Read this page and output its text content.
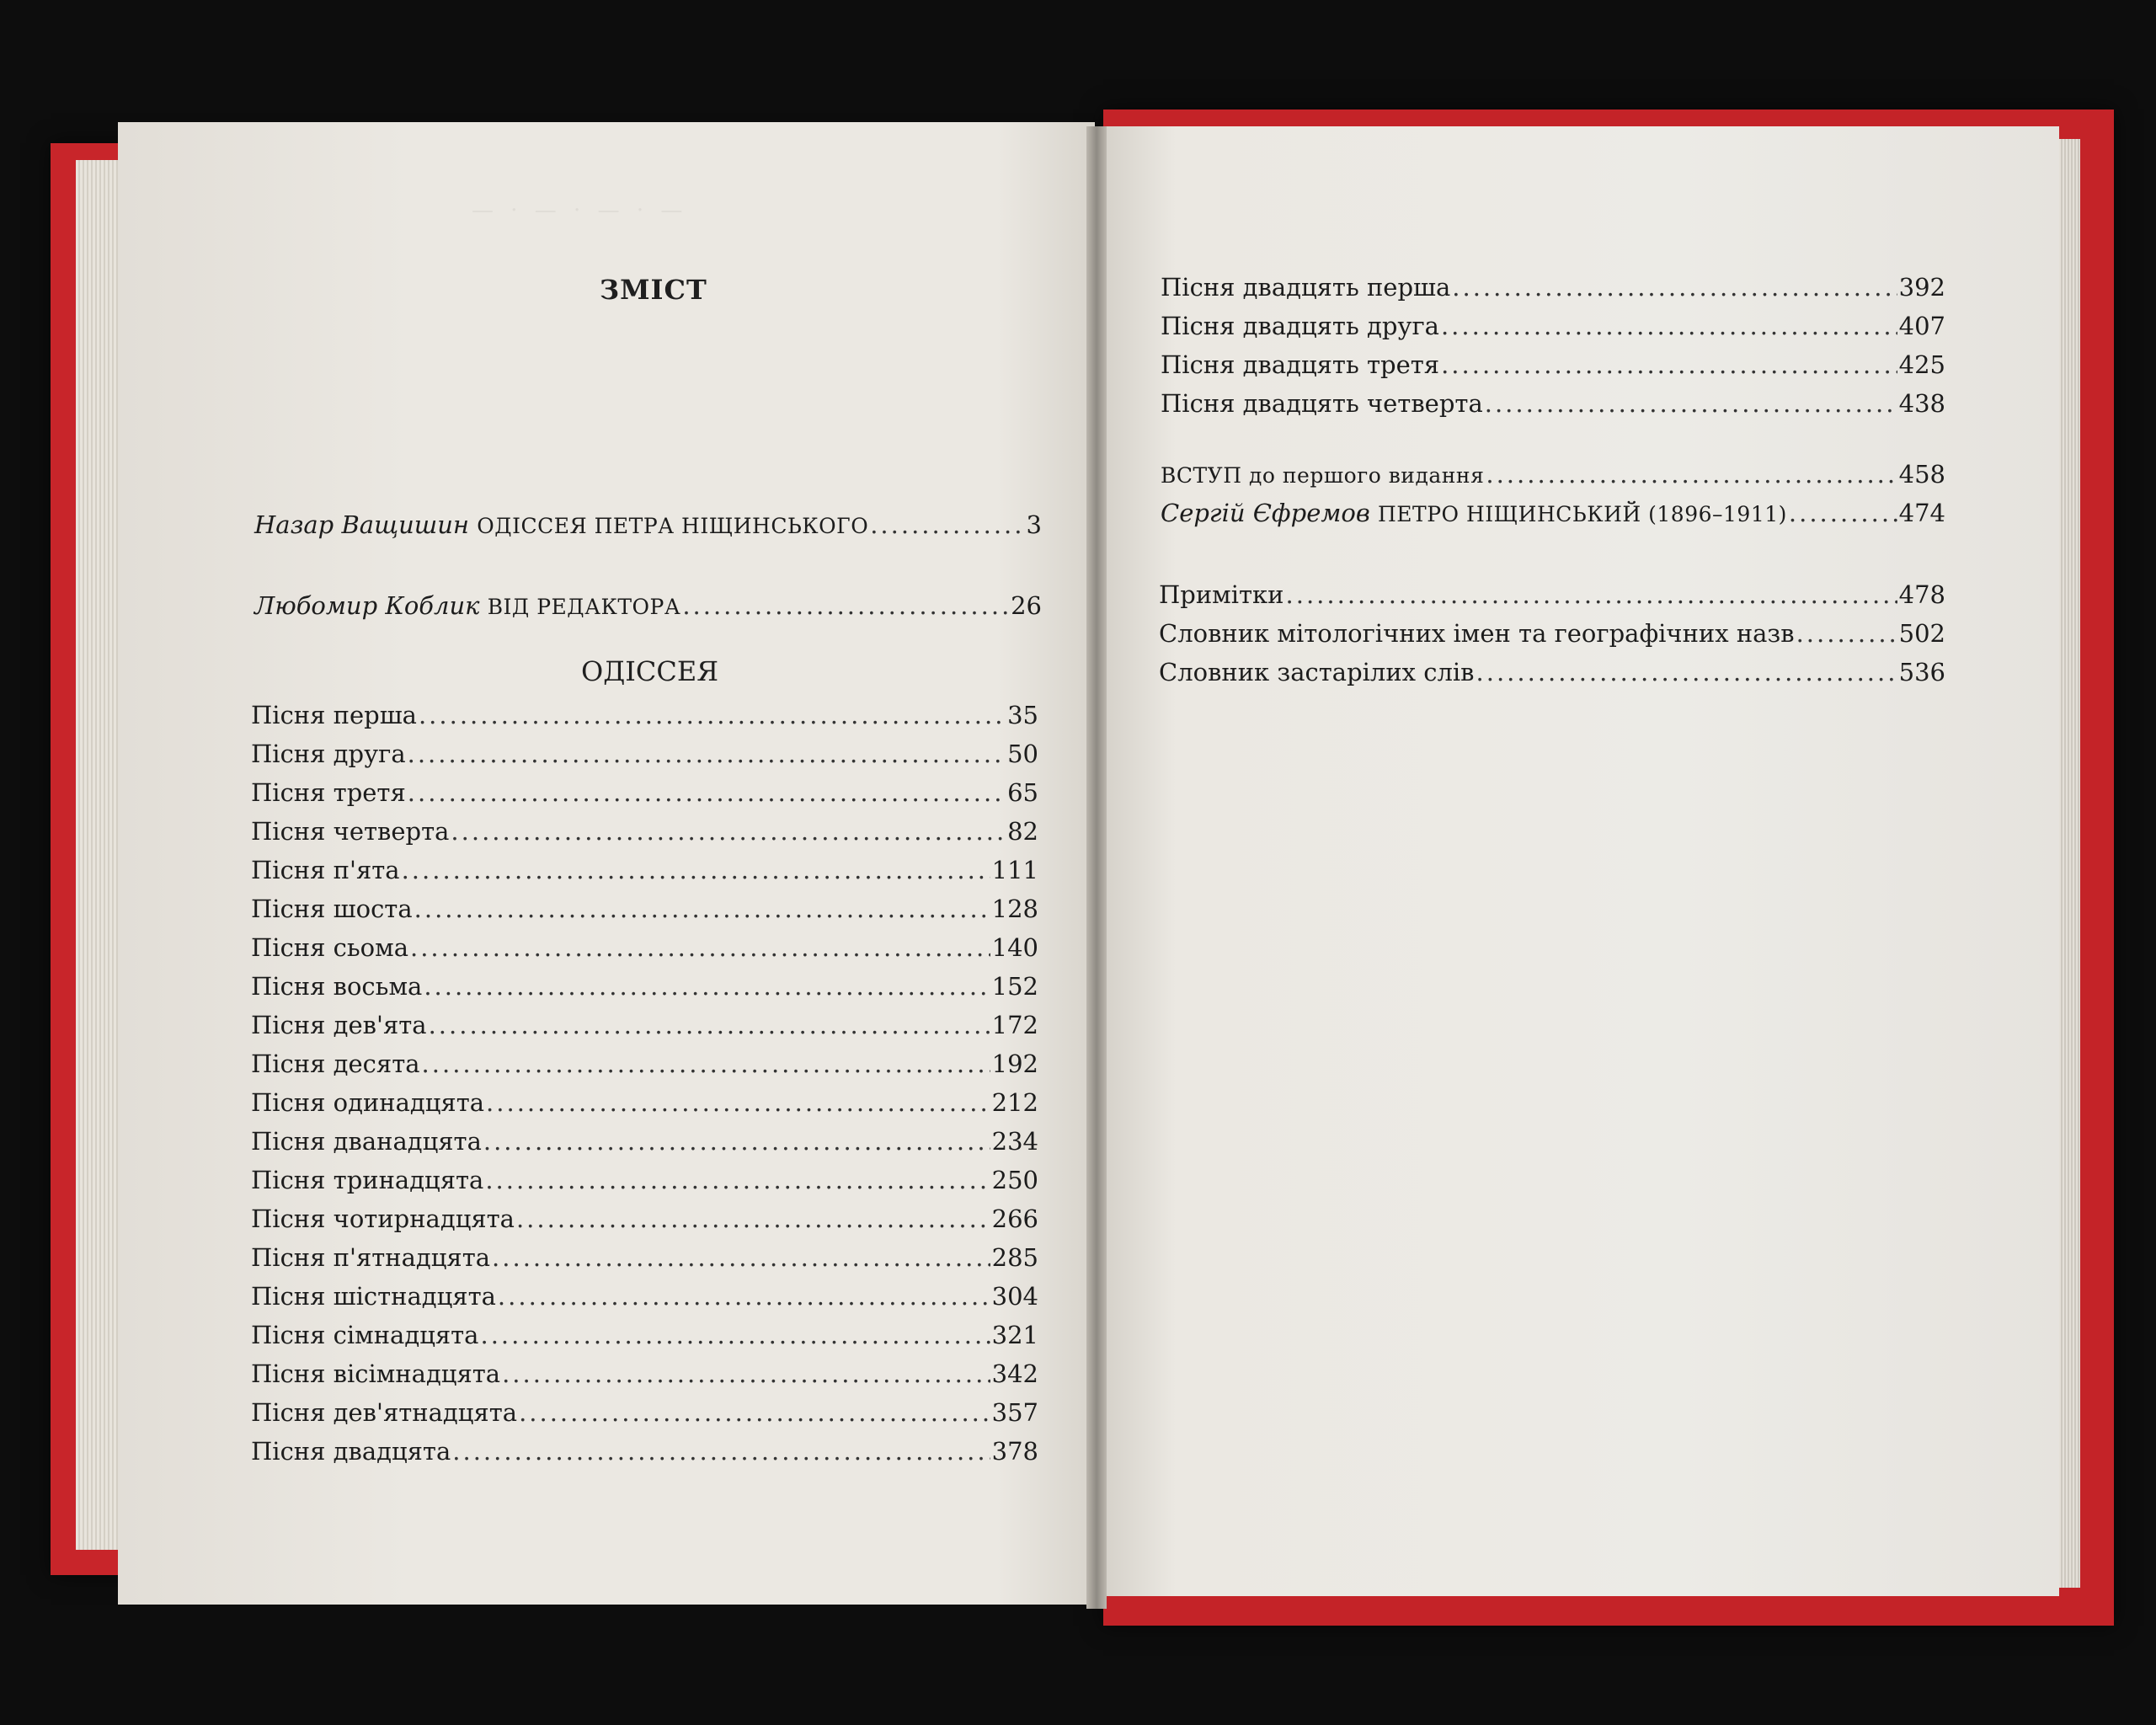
— · — · — · —
ЗМІСТ
Назар Ващишин ОДІССЕЯ ПЕТРА НІЩИНСЬКОГО .....	3
Любомир Коблик ВІД РЕДАКТОРА .....	26
ОДІССЕЯ
Пісня перша .....	35
Пісня друга .....	50
Пісня третя .....	65
Пісня четверта .....	82
Пісня п'ята .....	111
Пісня шоста .....	128
Пісня сьома .....	140
Пісня восьма .....	152
Пісня дев'ята .....	172
Пісня десята .....	192
Пісня одинадцята .....	212
Пісня дванадцята .....	234
Пісня тринадцята .....	250
Пісня чотирнадцята .....	266
Пісня п'ятнадцята .....	285
Пісня шістнадцята .....	304
Пісня сімнадцята .....	321
Пісня вісімнадцята .....	342
Пісня дев'ятнадцята .....	357
Пісня двадцята .....	378
Пісня двадцять перша .....	392
Пісня двадцять друга .....	407
Пісня двадцять третя .....	425
Пісня двадцять четверта .....	438
ВСТУП до першого видання .....	458
Сергій Єфремов ПЕТРО НІЩИНСЬКИЙ (1896–1911) .....	474
Примітки .....	478
Словник мітологічних імен та географічних назв .....	502
Словник застарілих слів .....	536
